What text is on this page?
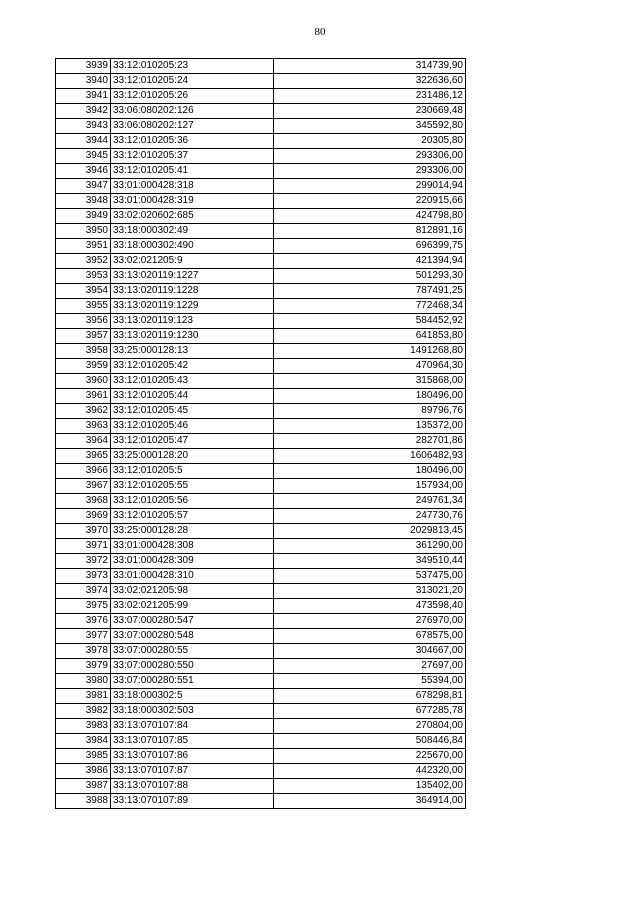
80
3939	33:12:010205:23	314739,90
3940	33:12:010205:24	322636,60
3941	33:12:010205:26	231486,12
3942	33:06:080202:126	230669,48
3943	33:06:080202:127	345592,80
3944	33:12:010205:36	20305,80
3945	33:12:010205:37	293306,00
3946	33:12:010205:41	293306,00
3947	33:01:000428:318	299014,94
3948	33:01:000428:319	220915,66
3949	33:02:020602:685	424798,80
3950	33:18:000302:49	812891,16
3951	33:18:000302:490	696399,75
3952	33:02:021205:9	421394,94
3953	33:13:020119:1227	501293,30
3954	33:13:020119:1228	787491,25
3955	33:13:020119:1229	772468,34
3956	33:13:020119:123	584452,92
3957	33:13:020119:1230	641853,80
3958	33:25:000128:13	1491268,80
3959	33:12:010205:42	470964,30
3960	33:12:010205:43	315868,00
3961	33:12:010205:44	180496,00
3962	33:12:010205:45	89796,76
3963	33:12:010205:46	135372,00
3964	33:12:010205:47	282701,86
3965	33:25:000128:20	1606482,93
3966	33:12:010205:5	180496,00
3967	33:12:010205:55	157934,00
3968	33:12:010205:56	249761,34
3969	33:12:010205:57	247730,76
3970	33:25:000128:28	2029813,45
3971	33:01:000428:308	361290,00
3972	33:01:000428:309	349510,44
3973	33:01:000428:310	537475,00
3974	33:02:021205:98	313021,20
3975	33:02:021205:99	473598,40
3976	33:07:000280:547	276970,00
3977	33:07:000280:548	678575,00
3978	33:07:000280:55	304667,00
3979	33:07:000280:550	27697,00
3980	33:07:000280:551	55394,00
3981	33:18:000302:5	678298,81
3982	33:18:000302:503	677285,78
3983	33:13:070107:84	270804,00
3984	33:13:070107:85	508446,84
3985	33:13:070107:86	225670,00
3986	33:13:070107:87	442320,00
3987	33:13:070107:88	135402,00
3988	33:13:070107:89	364914,00
